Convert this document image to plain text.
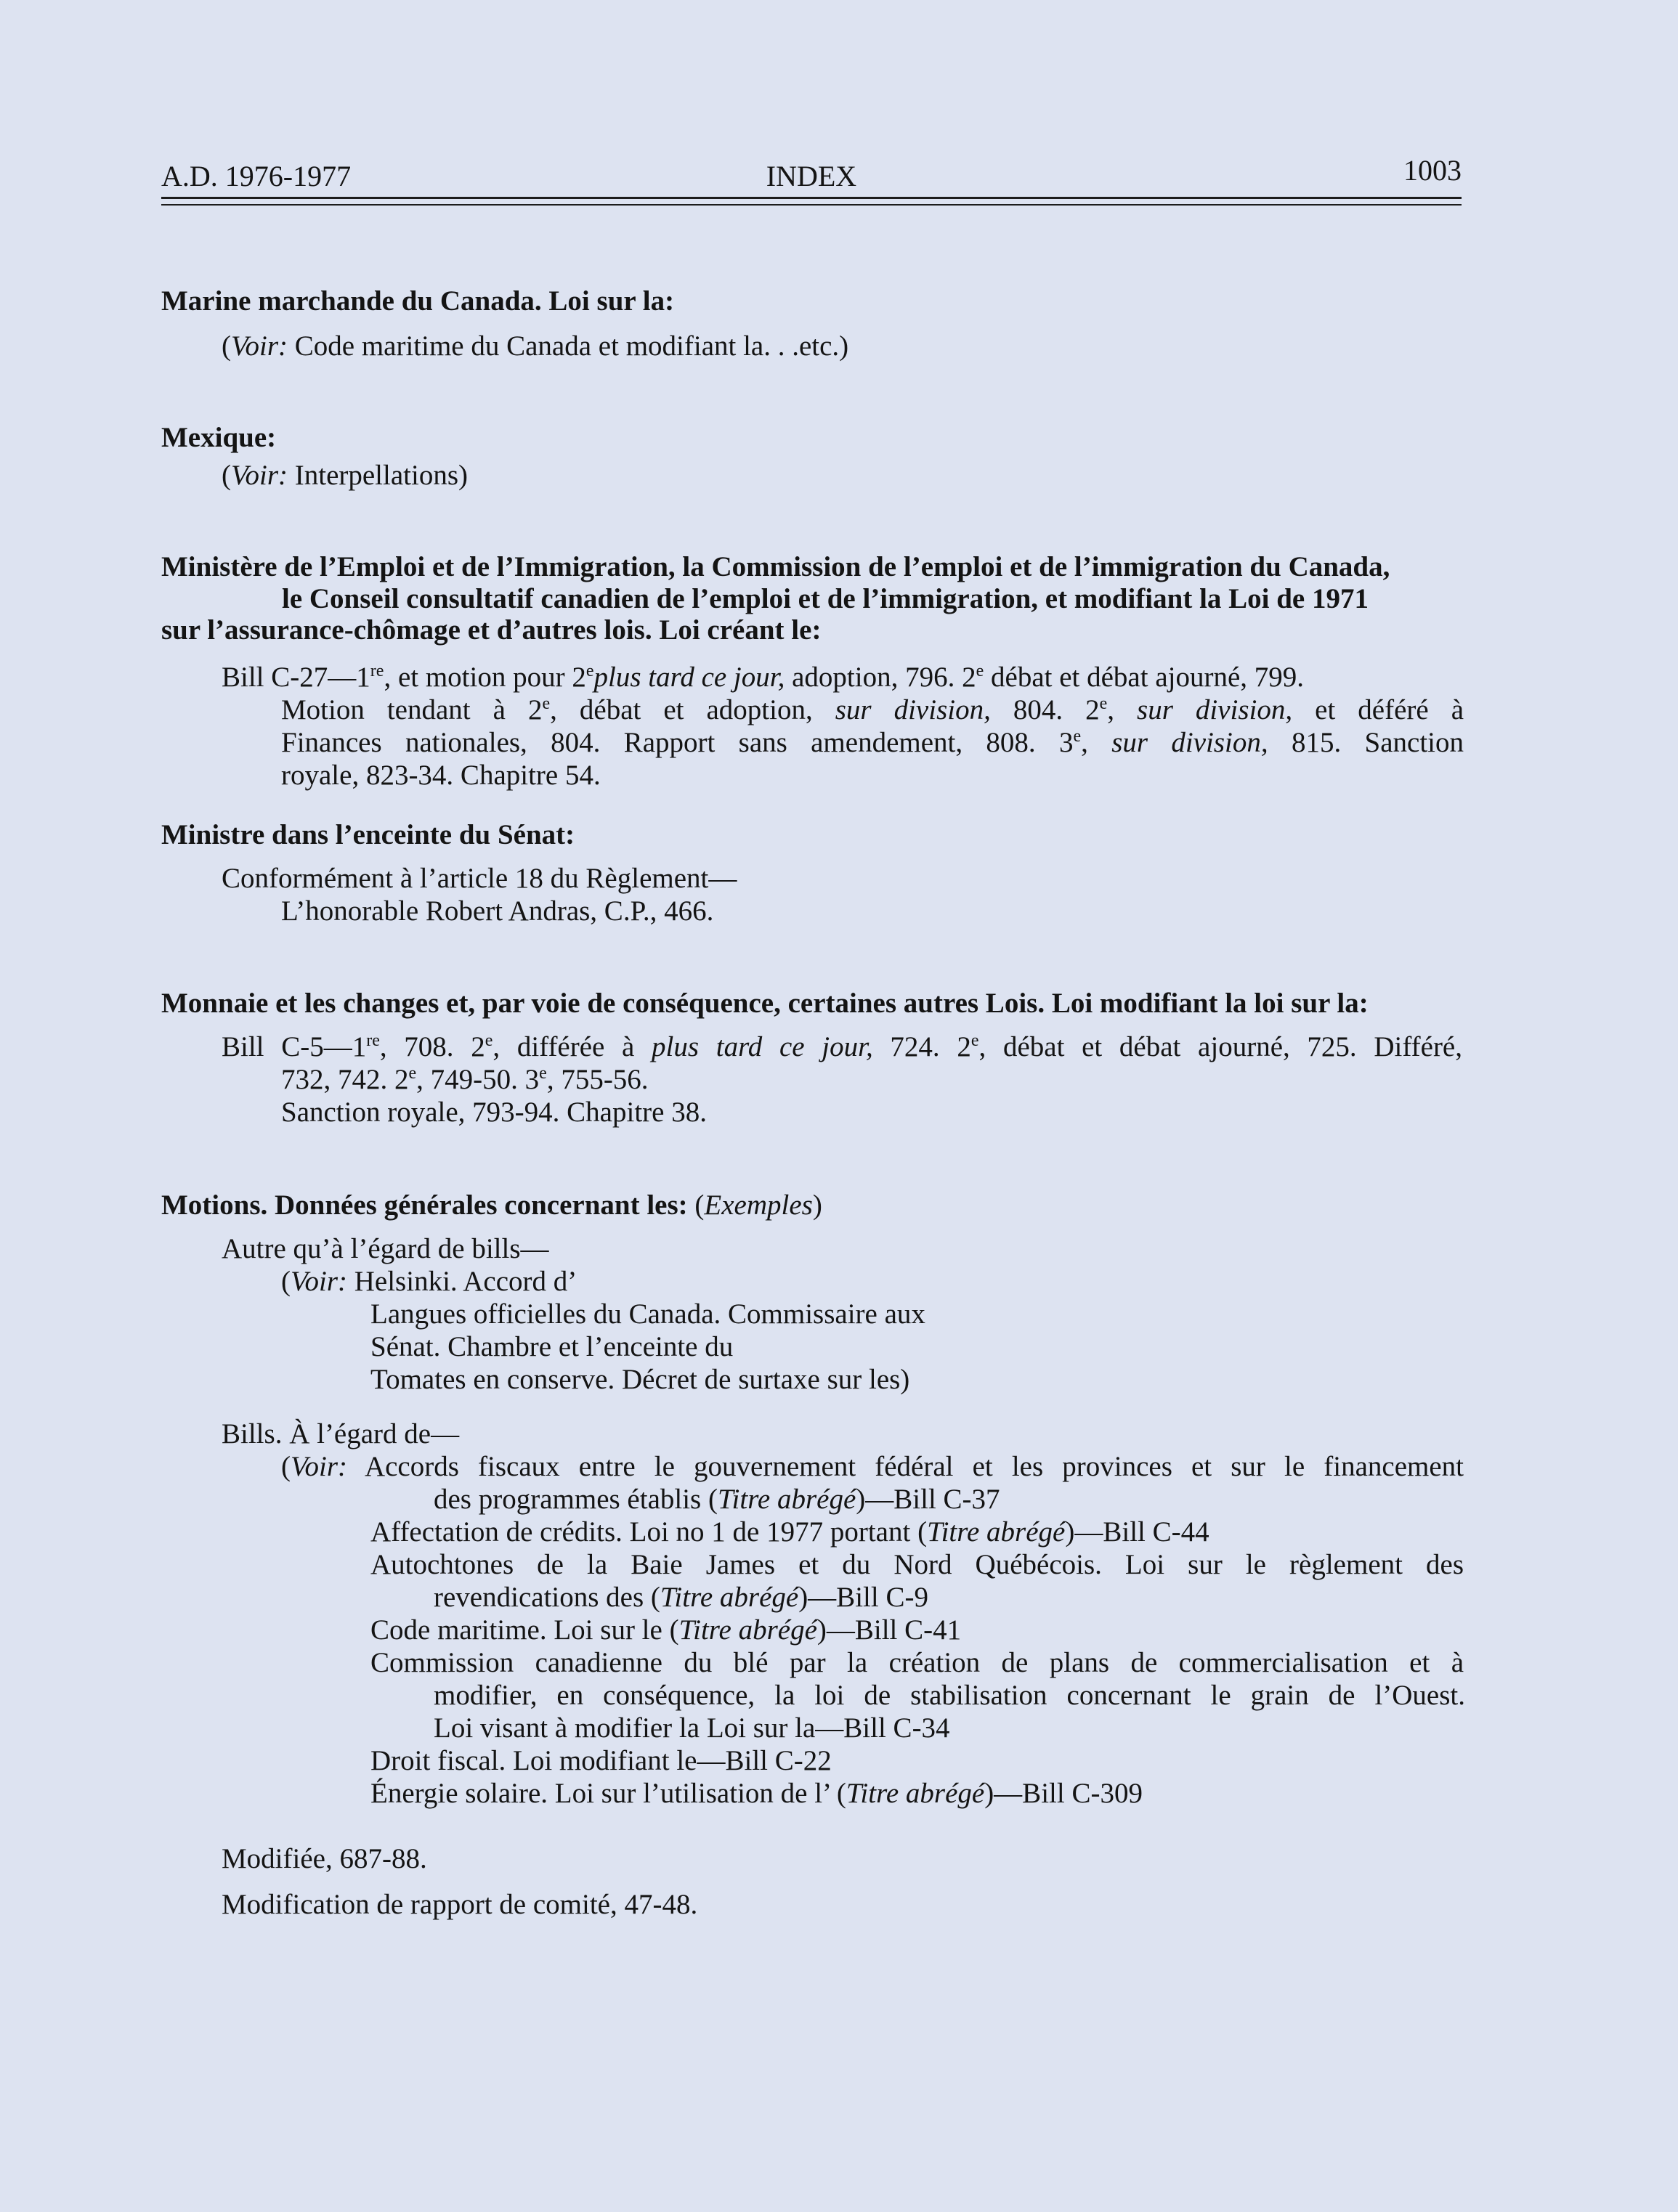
A.D. 1976-1977	INDEX	1003
Marine marchande du Canada. Loi sur la:
(Voir: Code maritime du Canada et modifiant la. . .etc.)
Mexique:
(Voir: Interpellations)
Ministère de l’Emploi et de l’Immigration, la Commission de l’emploi et de l’immigration du Canada,
le Conseil consultatif canadien de l’emploi et de l’immigration, et modifiant la Loi de 1971
sur l’assurance-chômage et d’autres lois. Loi créant le:
Bill C-27—1re, et motion pour 2eplus tard ce jour, adoption, 796. 2e débat et débat ajourné, 799.
Motion tendant à 2e, débat et adoption, sur division, 804. 2e, sur division, et déféré à
Finances nationales, 804. Rapport sans amendement, 808. 3e, sur division, 815. Sanction
royale, 823-34. Chapitre 54.
Ministre dans l’enceinte du Sénat:
Conformément à l’article 18 du Règlement—
L’honorable Robert Andras, C.P., 466.
Monnaie et les changes et, par voie de conséquence, certaines autres Lois. Loi modifiant la loi sur la:
Bill C-5—1re, 708. 2e, différée à plus tard ce jour, 724. 2e, débat et débat ajourné, 725. Différé,
732, 742. 2e, 749-50. 3e, 755-56.
Sanction royale, 793-94. Chapitre 38.
Motions. Données générales concernant les: (Exemples)
Autre qu’à l’égard de bills—
(Voir: Helsinki. Accord d’
Langues officielles du Canada. Commissaire aux
Sénat. Chambre et l’enceinte du
Tomates en conserve. Décret de surtaxe sur les)
Bills. À l’égard de—
(Voir: Accords fiscaux entre le gouvernement fédéral et les provinces et sur le financement
des programmes établis (Titre abrégé)—Bill C-37
Affectation de crédits. Loi no 1 de 1977 portant (Titre abrégé)—Bill C-44
Autochtones de la Baie James et du Nord Québécois. Loi sur le règlement des
revendications des (Titre abrégé)—Bill C-9
Code maritime. Loi sur le (Titre abrégé)—Bill C-41
Commission canadienne du blé par la création de plans de commercialisation et à
modifier, en conséquence, la loi de stabilisation concernant le grain de l’Ouest.
Loi visant à modifier la Loi sur la—Bill C-34
Droit fiscal. Loi modifiant le—Bill C-22
Énergie solaire. Loi sur l’utilisation de l’ (Titre abrégé)—Bill C-309
Modifiée, 687-88.
Modification de rapport de comité, 47-48.
